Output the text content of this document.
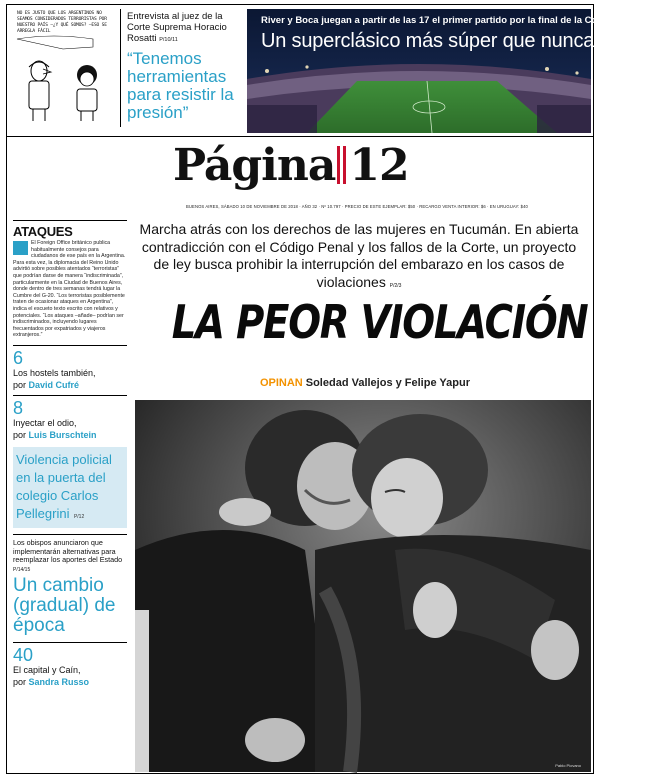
NO ES JUSTO QUE LOS ARGENTINOS NO SEAMOS CONSIDERADOS TERRORISTAS POR NUESTRO PAÍS —¿Y QUÉ SOMOS? —ESO SE ARREGLA FÁCIL
Entrevista al juez de la Corte Suprema Horacio Rosatti P/10/11
“Tenemos herramientas para resistir la presión”
River y Boca juegan a partir de las 17 el primer partido por la final de la Copa Libertadores
Un superclásico más súper que nunca
Página 12
BUENOS AIRES, SÁBADO 10 DE NOVIEMBRE DE 2018 · AÑO 32 · Nº 10.797 · PRECIO DE ESTE EJEMPLAR: $50 · RECARGO VENTA INTERIOR: $6 · EN URUGUAY: $40
ATAQUES
El Foreign Office británico publica habitualmente consejos para ciudadanos de ese país en la Argentina. Para esta vez, la diplomacia del Reino Unido advirtió sobre posibles atentados “terroristas” que podrían darse de manera “indiscriminada”, particularmente en la Ciudad de Buenos Aires, donde dentro de tres semanas tendrá lugar la Cumbre del G-20. “Los terroristas posiblemente traten de ocasionar ataques en Argentina”, indica el escueto texto escrito con relativos y potenciales. “Los ataques –añade– podrían ser indiscriminados, incluyendo lugares frecuentados por expatriados y viajeros extranjeros.”
6
Los hostels también,
por David Cufré
8
Inyectar el odio,
por Luis Burschtein
Violencia policial en la puerta del colegio Carlos Pellegrini P/12
Los obispos anunciaron que implementarán alternativas para reemplazar los aportes del Estado P/14/15
Un cambio (gradual) de época
40
El capital y Caín,
por Sandra Russo
Marcha atrás con los derechos de las mujeres en Tucumán. En abierta contradicción con el Código Penal y los fallos de la Corte, un proyecto de ley busca prohibir la interrupción del embarazo en los casos de violaciones P/2/3
LA PEOR VIOLACIÓN
OPINAN Soledad Vallejos y Felipe Yapur
Pablo Piovano
